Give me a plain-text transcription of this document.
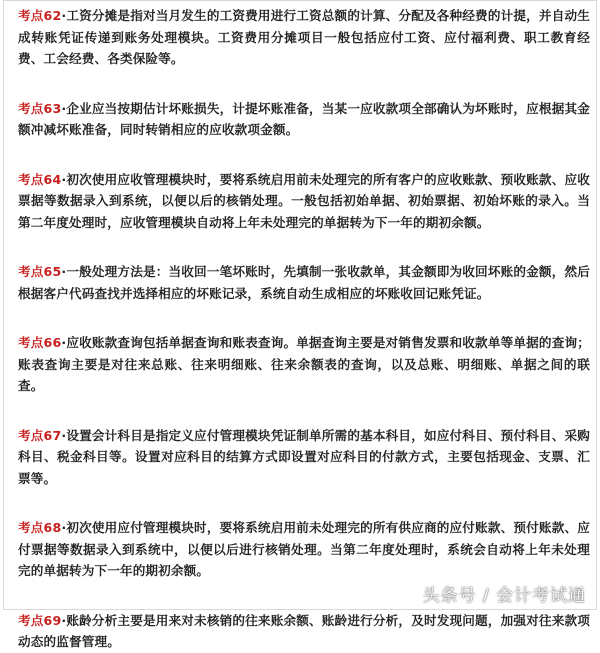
考点62·工资分摊是指对当月发生的工资费用进行工资总额的计算、分配及各种经费的计提，并自动生成转账凭证传递到账务处理模块。工资费用分摊项目一般包括应付工资、应付福利费、职工教育经费、工会经费、各类保险等。

考点63·企业应当按期估计坏账损失，计提坏账准备，当某一应收款项全部确认为坏账时，应根据其金额冲减坏账准备，同时转销相应的应收款项金额。

考点64·初次使用应收管理模块时，要将系统启用前未处理完的所有客户的应收账款、预收账款、应收票据等数据录入到系统，以便以后的核销处理。一般包括初始单据、初始票据、初始坏账的录入。当第二年度处理时，应收管理模块自动将上年未处理完的单据转为下一年的期初余额。

考点65·一般处理方法是：当收回一笔坏账时，先填制一张收款单，其金额即为收回坏账的金额，然后根据客户代码查找并选择相应的坏账记录，系统自动生成相应的坏账收回记账凭证。

考点66·应收账款查询包括单据查询和账表查询。单据查询主要是对销售发票和收款单等单据的查询；账表查询主要是对往来总账、往来明细账、往来余额表的查询，以及总账、明细账、单据之间的联查。

考点67·设置会计科目是指定义应付管理模块凭证制单所需的基本科目，如应付科目、预付科目、采购科目、税金科目等。设置对应科目的结算方式即设置对应科目的付款方式，主要包括现金、支票、汇票等。

考点68·初次使用应付管理模块时，要将系统启用前未处理完的所有供应商的应付账款、预付账款、应付票据等数据录入到系统中，以便以后进行核销处理。当第二年度处理时，系统会自动将上年未处理完的单据转为下一年的期初余额。

考点69·账龄分析主要是用来对未核销的往来账余额、账龄进行分析，及时发现问题，加强对往来款项动态的监督管理。

头条号 / 会计考试通
